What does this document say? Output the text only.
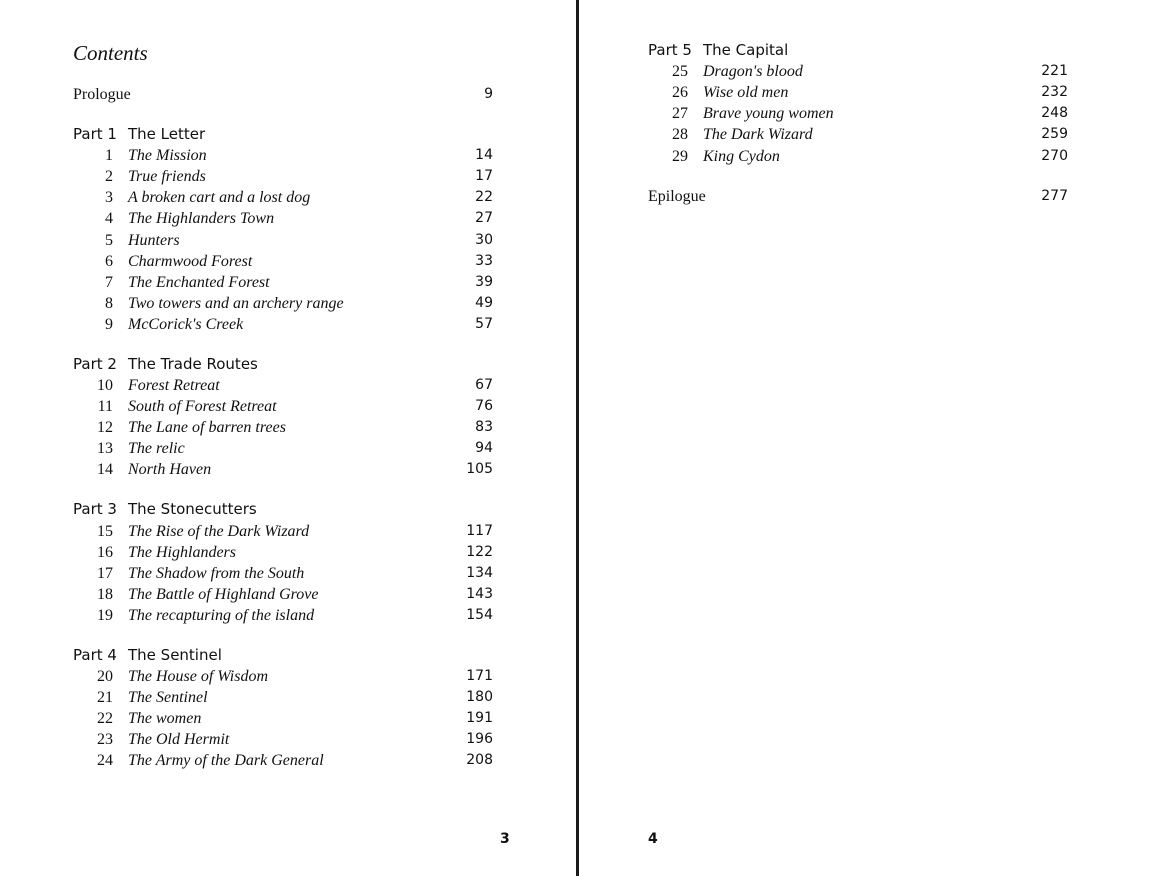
Contents
Prologue	9
Part 1 The Letter
1 The Mission	14
2 True friends	17
3 A broken cart and a lost dog	22
4 The Highlanders Town	27
5 Hunters	30
6 Charmwood Forest	33
7 The Enchanted Forest	39
8 Two towers and an archery range	49
9 McCorick's Creek	57
Part 2 The Trade Routes
10 Forest Retreat	67
11 South of Forest Retreat	76
12 The Lane of barren trees	83
13 The relic	94
14 North Haven	105
Part 3 The Stonecutters
15 The Rise of the Dark Wizard	117
16 The Highlanders	122
17 The Shadow from the South	134
18 The Battle of Highland Grove	143
19 The recapturing of the island	154
Part 4 The Sentinel
20 The House of Wisdom	171
21 The Sentinel	180
22 The women	191
23 The Old Hermit	196
24 The Army of the Dark General	208
3
Part 5 The Capital
25 Dragon's blood	221
26 Wise old men	232
27 Brave young women	248
28 The Dark Wizard	259
29 King Cydon	270
Epilogue	277
4
